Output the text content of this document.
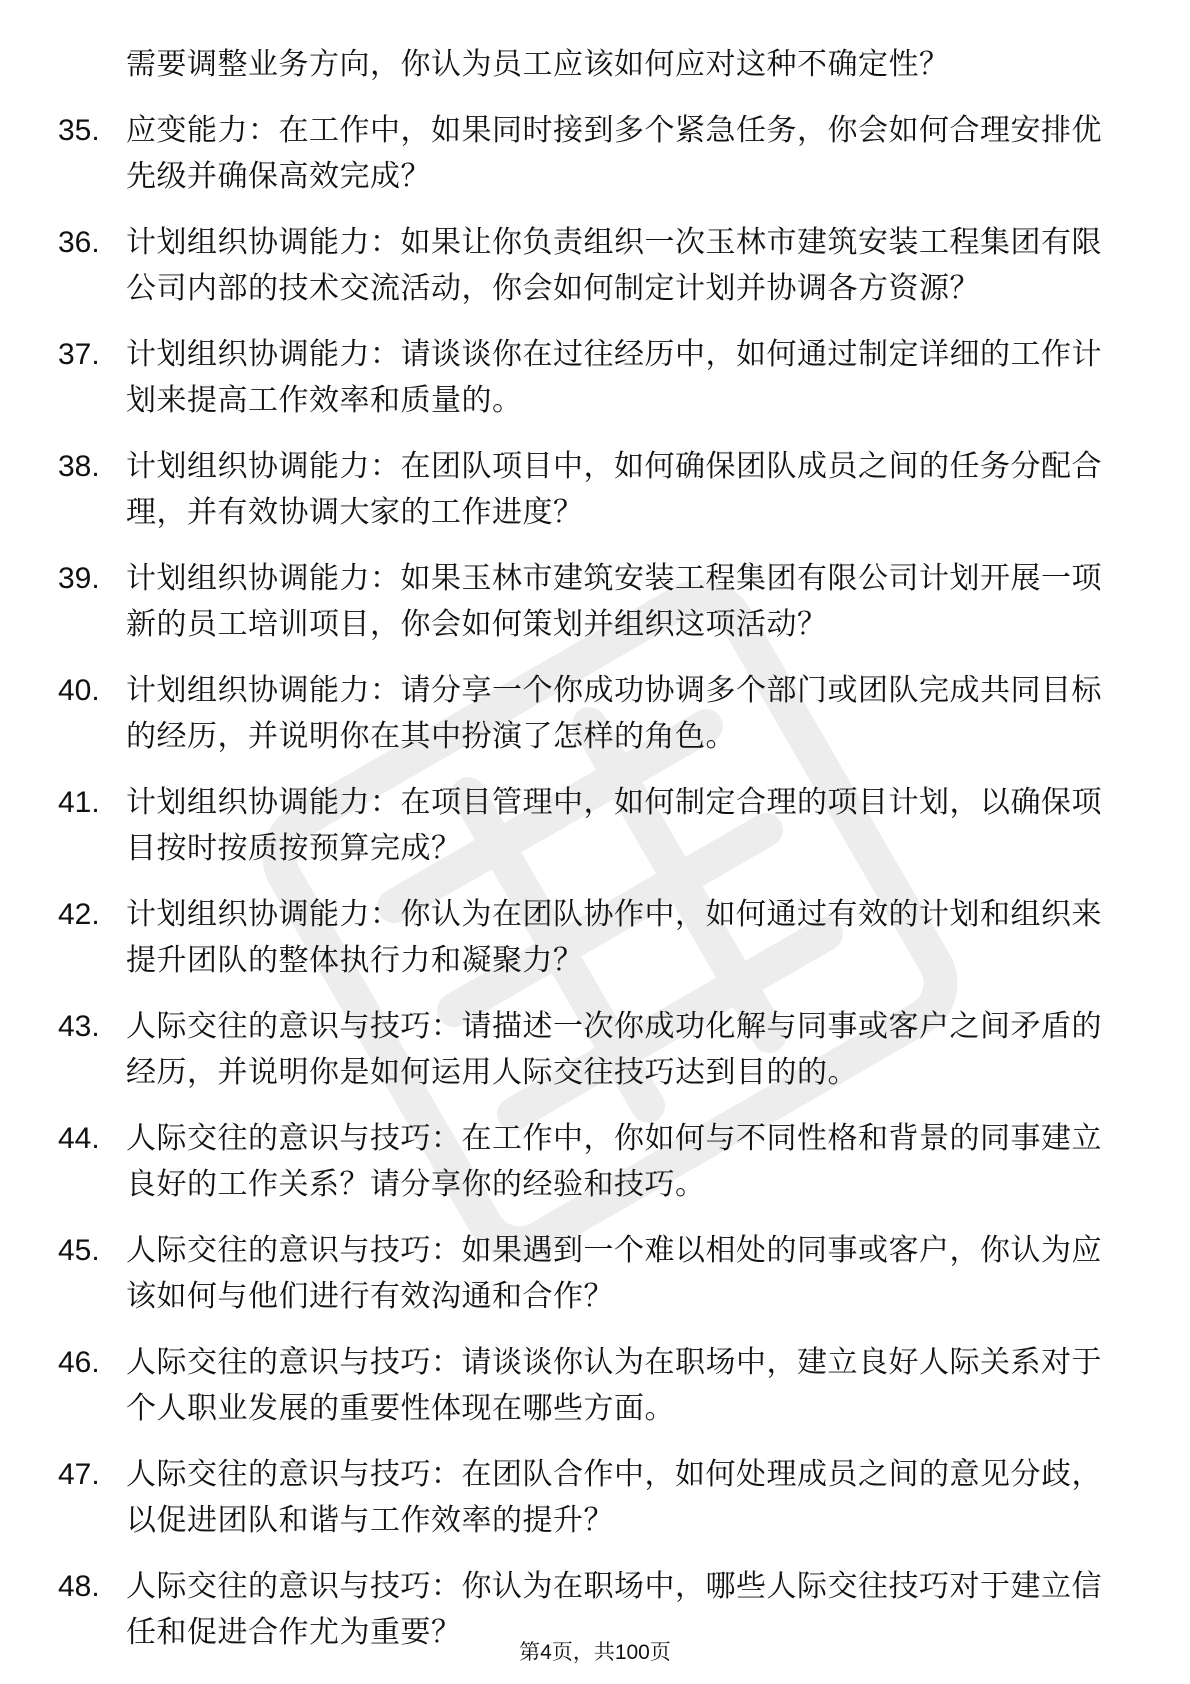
需要调整业务方向，你认为员工应该如何应对这种不确定性？
35. 应变能力：在工作中，如果同时接到多个紧急任务，你会如何合理安排优先级并确保高效完成？
36. 计划组织协调能力：如果让你负责组织一次玉林市建筑安装工程集团有限公司内部的技术交流活动，你会如何制定计划并协调各方资源？
37. 计划组织协调能力：请谈谈你在过往经历中，如何通过制定详细的工作计划来提高工作效率和质量的。
38. 计划组织协调能力：在团队项目中，如何确保团队成员之间的任务分配合理，并有效协调大家的工作进度？
39. 计划组织协调能力：如果玉林市建筑安装工程集团有限公司计划开展一项新的员工培训项目，你会如何策划并组织这项活动？
40. 计划组织协调能力：请分享一个你成功协调多个部门或团队完成共同目标的经历，并说明你在其中扮演了怎样的角色。
41. 计划组织协调能力：在项目管理中，如何制定合理的项目计划，以确保项目按时按质按预算完成？
42. 计划组织协调能力：你认为在团队协作中，如何通过有效的计划和组织来提升团队的整体执行力和凝聚力？
43. 人际交往的意识与技巧：请描述一次你成功化解与同事或客户之间矛盾的经历，并说明你是如何运用人际交往技巧达到目的的。
44. 人际交往的意识与技巧：在工作中，你如何与不同性格和背景的同事建立良好的工作关系？请分享你的经验和技巧。
45. 人际交往的意识与技巧：如果遇到一个难以相处的同事或客户，你认为应该如何与他们进行有效沟通和合作？
46. 人际交往的意识与技巧：请谈谈你认为在职场中，建立良好人际关系对于个人职业发展的重要性体现在哪些方面。
47. 人际交往的意识与技巧：在团队合作中，如何处理成员之间的意见分歧，以促进团队和谐与工作效率的提升？
48. 人际交往的意识与技巧：你认为在职场中，哪些人际交往技巧对于建立信任和促进合作尤为重要？
第4页，共100页
